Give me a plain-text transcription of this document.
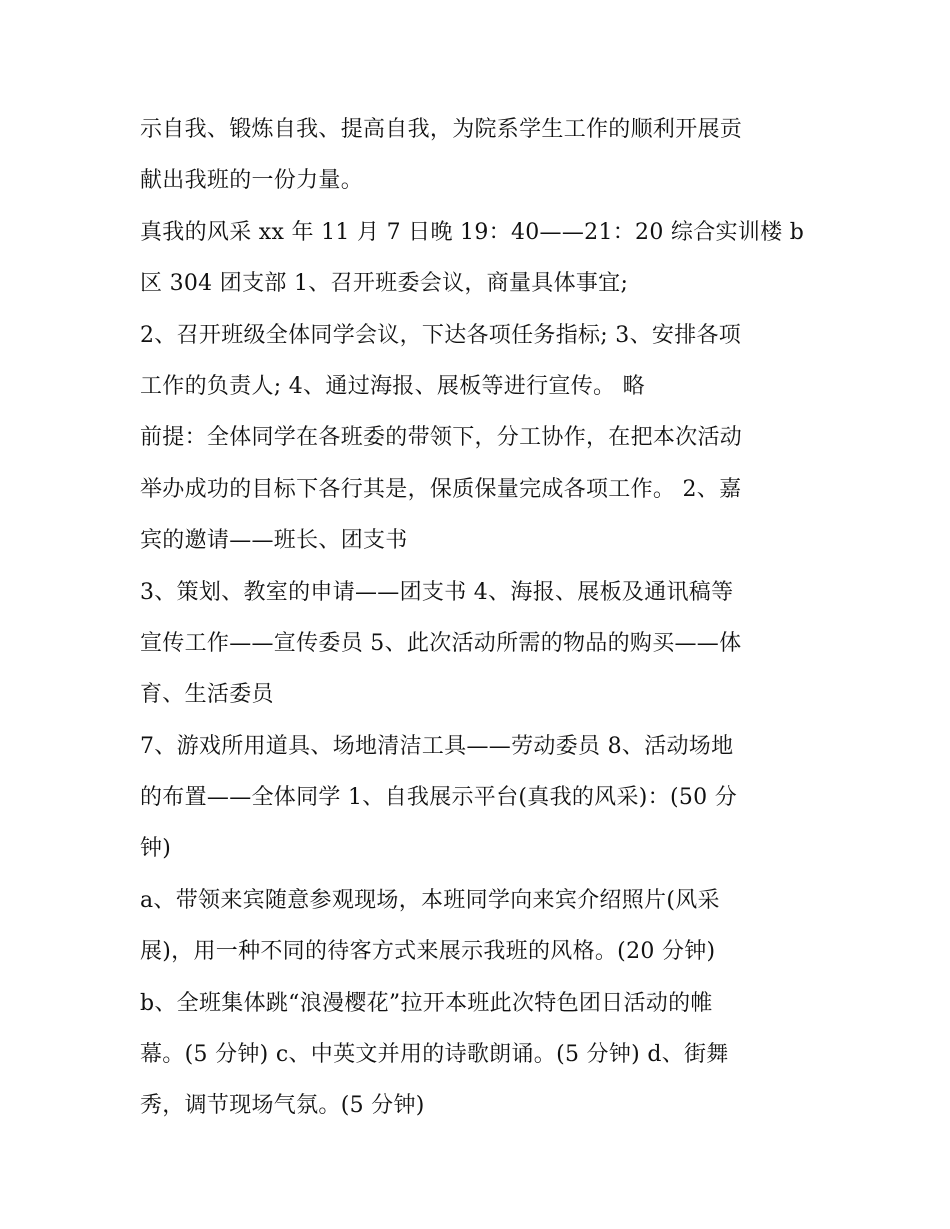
示自我、锻炼自我、提高自我，为院系学生工作的顺利开展贡
献出我班的一份力量。
真我的风采 xx 年 11 月 7 日晚 19：40——21：20 综合实训楼 b
区 304 团支部 1、召开班委会议，商量具体事宜;
2、召开班级全体同学会议，下达各项任务指标; 3、安排各项
工作的负责人; 4、通过海报、展板等进行宣传。 略
前提：全体同学在各班委的带领下，分工协作，在把本次活动
举办成功的目标下各行其是，保质保量完成各项工作。 2、嘉
宾的邀请——班长、团支书
3、策划、教室的申请——团支书 4、海报、展板及通讯稿等
宣传工作——宣传委员 5、此次活动所需的物品的购买——体
育、生活委员
7、游戏所用道具、场地清洁工具——劳动委员 8、活动场地
的布置——全体同学 1、自我展示平台(真我的风采)：(50 分
钟)
a、带领来宾随意参观现场，本班同学向来宾介绍照片(风采
展)，用一种不同的待客方式来展示我班的风格。(20 分钟)
b、全班集体跳“浪漫樱花”拉开本班此次特色团日活动的帷
幕。(5 分钟) c、中英文并用的诗歌朗诵。(5 分钟) d、街舞
秀，调节现场气氛。(5 分钟)
